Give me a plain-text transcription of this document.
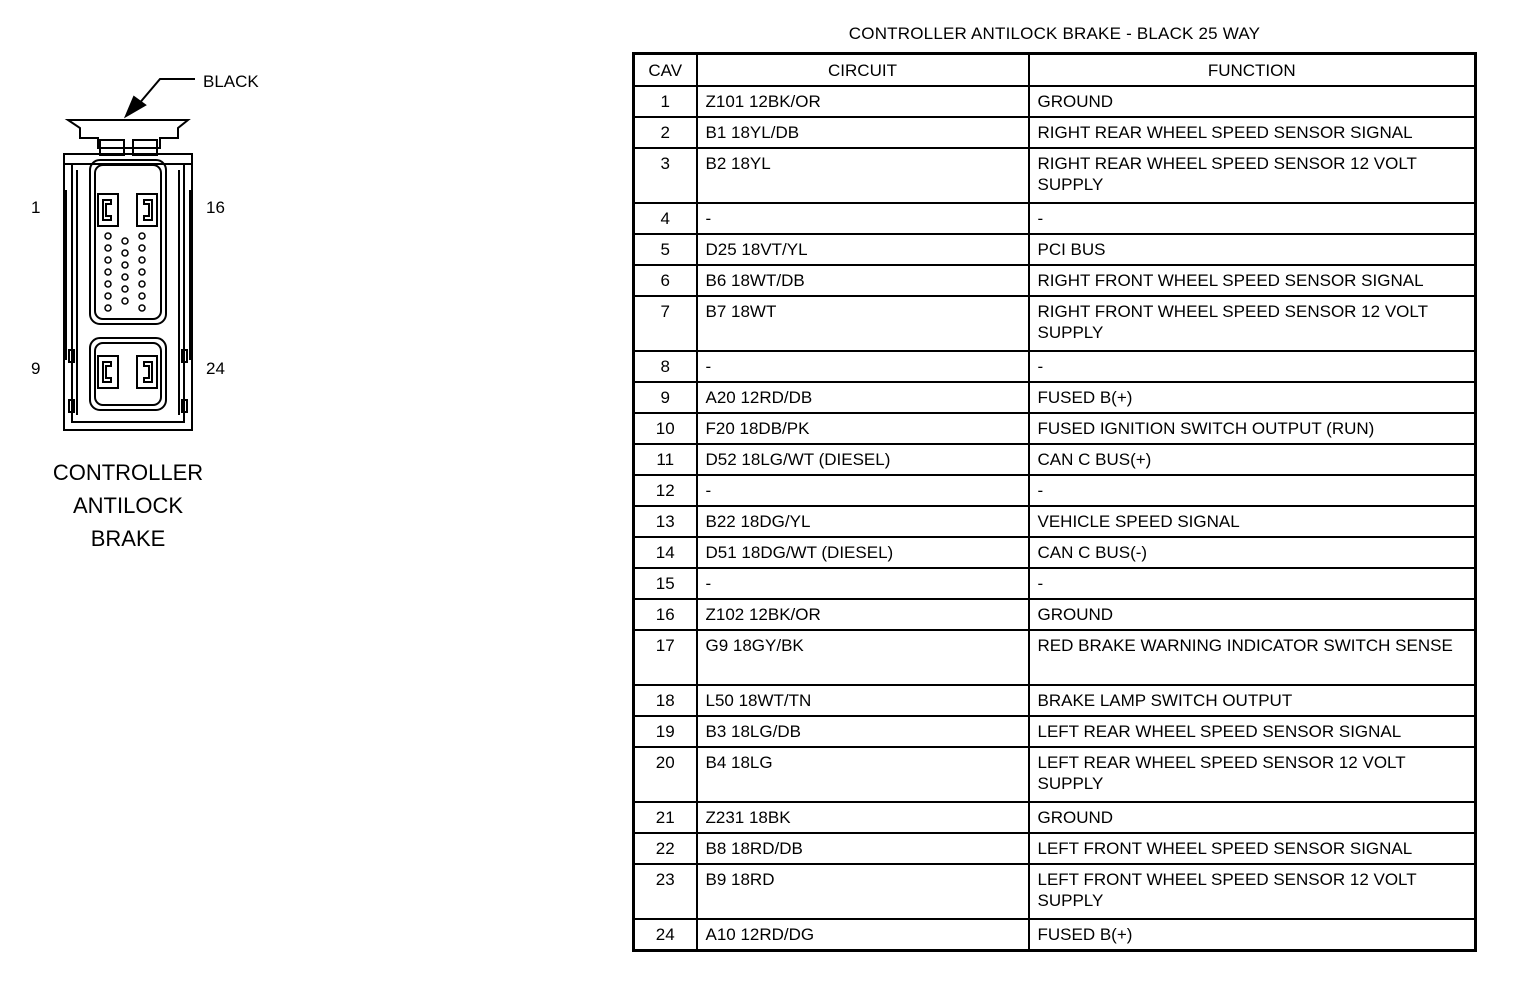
BLACK
1	16
9	24
CONTROLLER
ANTILOCK
BRAKE
CONTROLLER ANTILOCK BRAKE - BLACK 25 WAY
CAV	CIRCUIT	FUNCTION
1	Z101 12BK/OR	GROUND
2	B1 18YL/DB	RIGHT REAR WHEEL SPEED SENSOR SIGNAL
3	B2 18YL	RIGHT REAR WHEEL SPEED SENSOR 12 VOLT SUPPLY
4	-	-
5	D25 18VT/YL	PCI BUS
6	B6 18WT/DB	RIGHT FRONT WHEEL SPEED SENSOR SIGNAL
7	B7 18WT	RIGHT FRONT WHEEL SPEED SENSOR 12 VOLT SUPPLY
8	-	-
9	A20 12RD/DB	FUSED B(+)
10	F20 18DB/PK	FUSED IGNITION SWITCH OUTPUT (RUN)
11	D52 18LG/WT (DIESEL)	CAN C BUS(+)
12	-	-
13	B22 18DG/YL	VEHICLE SPEED SIGNAL
14	D51 18DG/WT (DIESEL)	CAN C BUS(-)
15	-	-
16	Z102 12BK/OR	GROUND
17	G9 18GY/BK	RED BRAKE WARNING INDICATOR SWITCH SENSE
18	L50 18WT/TN	BRAKE LAMP SWITCH OUTPUT
19	B3 18LG/DB	LEFT REAR WHEEL SPEED SENSOR SIGNAL
20	B4 18LG	LEFT REAR WHEEL SPEED SENSOR 12 VOLT SUPPLY
21	Z231 18BK	GROUND
22	B8 18RD/DB	LEFT FRONT WHEEL SPEED SENSOR SIGNAL
23	B9 18RD	LEFT FRONT WHEEL SPEED SENSOR 12 VOLT SUPPLY
24	A10 12RD/DG	FUSED B(+)
